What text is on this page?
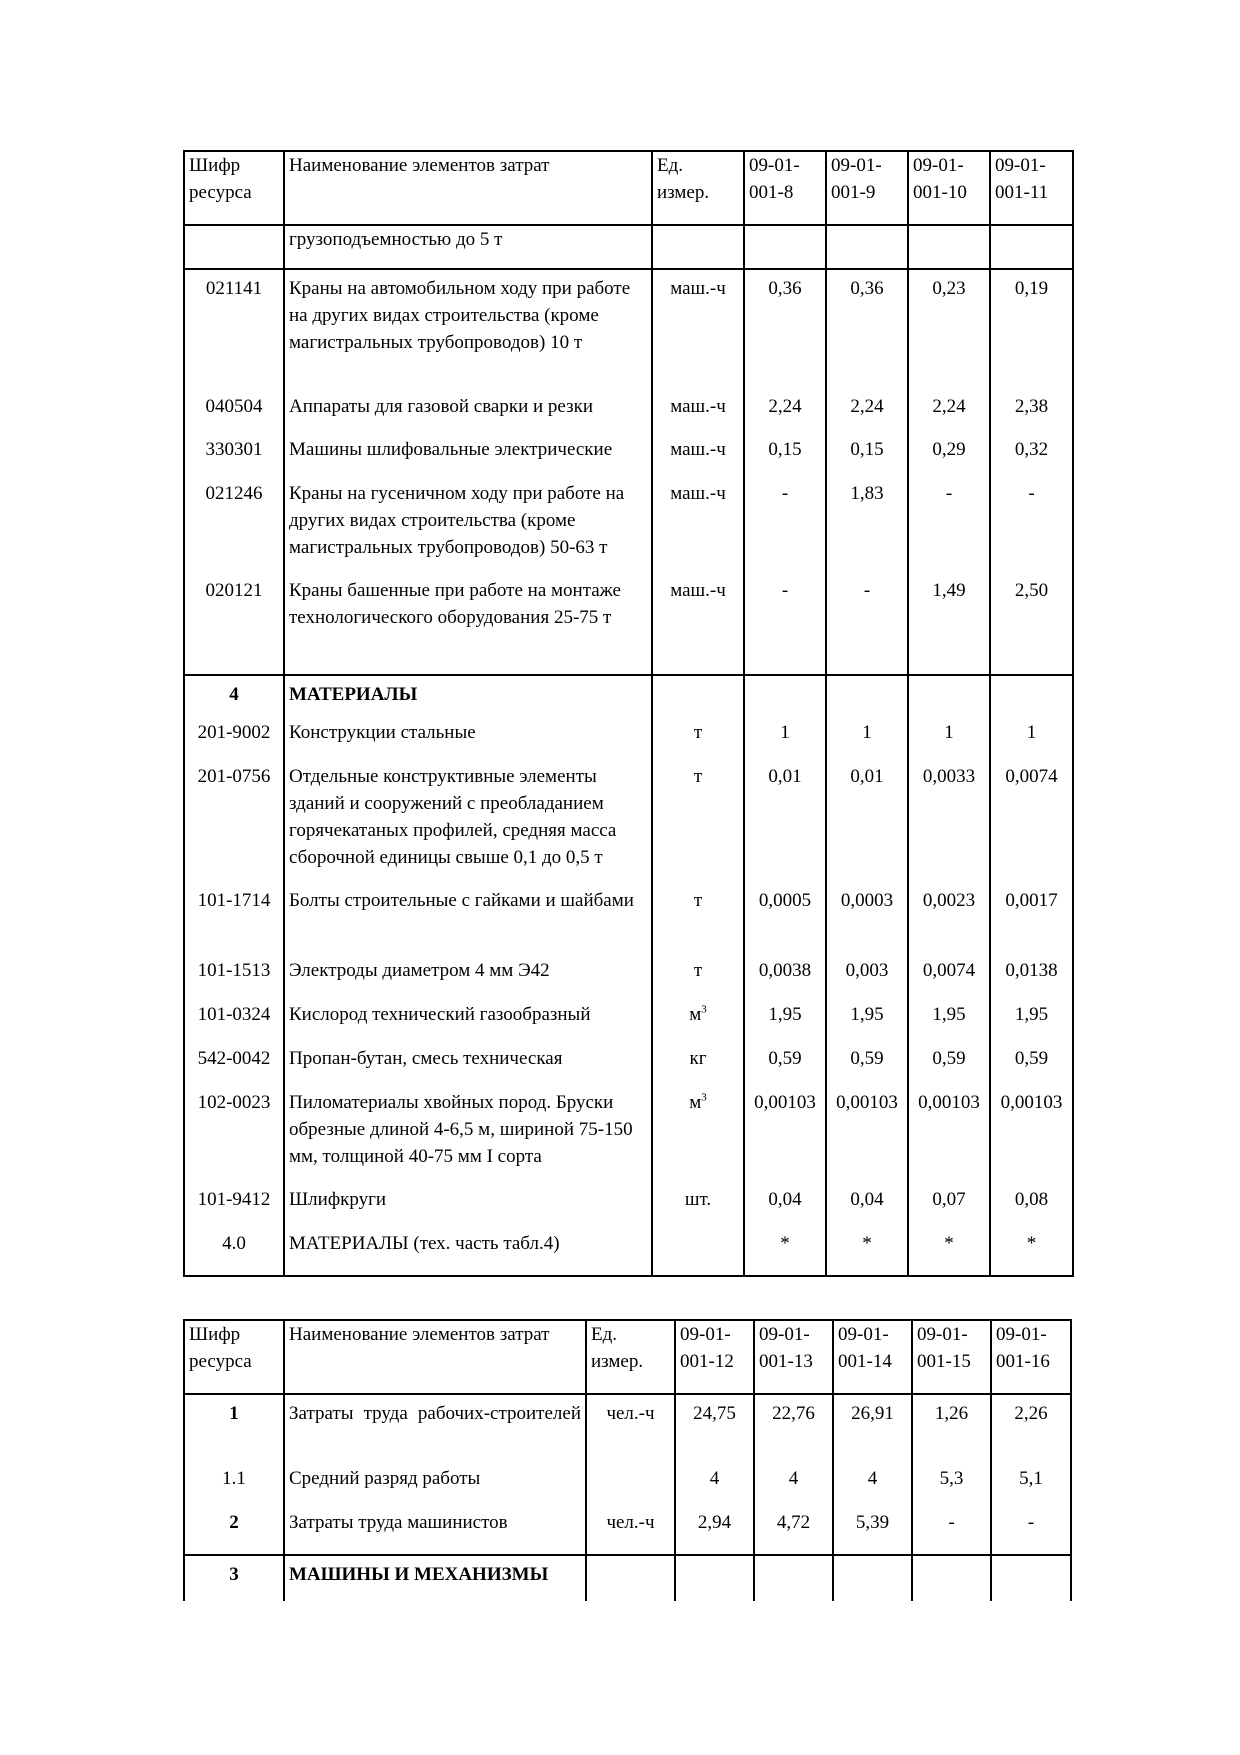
Шифр ресурса	Наименование элементов затрат	Ед. измер.	09-01-001-8	09-01-001-9	09-01-001-10	09-01-001-11
	грузоподъемностью до 5 т					
021141	Краны на автомобильном ходу при работе на других видах строительства (кроме магистральных трубопроводов) 10 т	маш.-ч	0,36	0,36	0,23	0,19
040504	Аппараты для газовой сварки и резки	маш.-ч	2,24	2,24	2,24	2,38
330301	Машины шлифовальные электрические	маш.-ч	0,15	0,15	0,29	0,32
021246	Краны на гусеничном ходу при работе на других видах строительства (кроме магистральных трубопроводов) 50-63 т	маш.-ч	-	1,83	-	-
020121	Краны башенные при работе на монтаже технологического оборудования 25-75 т	маш.-ч	-	-	1,49	2,50
4	МАТЕРИАЛЫ					
201-9002	Конструкции стальные	т	1	1	1	1
201-0756	Отдельные конструктивные элементы зданий и сооружений с преобладанием горячекатаных профилей, средняя масса сборочной единицы свыше 0,1 до 0,5 т	т	0,01	0,01	0,0033	0,0074
101-1714	Болты строительные с гайками и шайбами	т	0,0005	0,0003	0,0023	0,0017
101-1513	Электроды диаметром 4 мм Э42	т	0,0038	0,003	0,0074	0,0138
101-0324	Кислород технический газообразный	$м^3$	1,95	1,95	1,95	1,95
542-0042	Пропан-бутан, смесь техническая	кг	0,59	0,59	0,59	0,59
102-0023	Пиломатериалы хвойных пород. Бруски обрезные длиной 4-6,5 м, шириной 75-150 мм, толщиной 40-75 мм I сорта	$м^3$	0,00103	0,00103	0,00103	0,00103
101-9412	Шлифкруги	шт.	0,04	0,04	0,07	0,08
4.0	МАТЕРИАЛЫ (тех. часть табл.4)		*	*	*	*
Шифр ресурса	Наименование элементов затрат	Ед. измер.	09-01-001-12	09-01-001-13	09-01-001-14	09-01-001-15	09-01-001-16
1	Затраты труда рабочих-строителей	чел.-ч	24,75	22,76	26,91	1,26	2,26
1.1	Средний разряд работы		4	4	4	5,3	5,1
2	Затраты труда машинистов	чел.-ч	2,94	4,72	5,39	-	-
3	МАШИНЫ И МЕХАНИЗМЫ						
